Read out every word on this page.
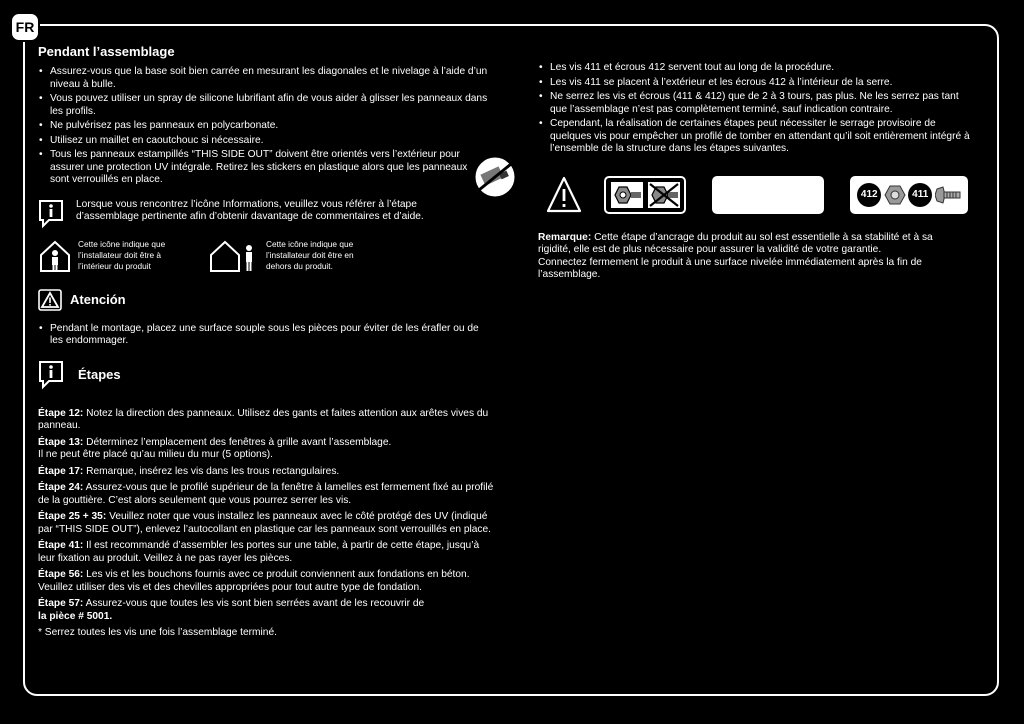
FR
Pendant l’assemblage
• Assurez-vous que la base soit bien carrée en mesurant les diagonales et le nivelage à l’aide d’un niveau à bulle.
• Vous pouvez utiliser un spray de silicone lubrifiant afin de vous aider à glisser les panneaux dans les profils.
• Ne pulvérisez pas les panneaux en polycarbonate.
• Utilisez un maillet en caoutchouc si nécessaire.
• Tous les panneaux estampillés “THIS SIDE OUT” doivent être orientés vers l’extérieur pour assurer une protection UV intégrale. Retirez les stickers en plastique alors que les panneaux sont verrouillés en place.
Lorsque vous rencontrez l’icône Informations, veuillez vous référer à l’étape d’assemblage pertinente afin d’obtenir davantage de commentaires et d’aide.
Cette icône indique que l’installateur doit être à l’intérieur du produit
Cette icône indique que l’installateur doit être en dehors du produit.
Atención
• Pendant le montage, placez une surface souple sous les pièces pour éviter de les érafler ou de les endommager.
Étapes
Étape 12: Notez la direction des panneaux. Utilisez des gants et faites attention aux arêtes vives du panneau.
Étape 13: Déterminez l’emplacement des fenêtres à grille avant l’assemblage.
Il ne peut être placé qu’au milieu du mur (5 options).
Étape 17: Remarque, insérez les vis dans les trous rectangulaires.
Étape 24: Assurez-vous que le profilé supérieur de la fenêtre à lamelles est fermement fixé au profilé de la gouttière. C’est alors seulement que vous pourrez serrer les vis.
Étape 25 + 35: Veuillez noter que vous installez les panneaux avec le côté protégé des UV (indiqué par “THIS SIDE OUT”), enlevez l’autocollant en plastique car les panneaux sont verrouillés en place.
Étape 41: Il est recommandé d’assembler les portes sur une table, à partir de cette étape, jusqu’à leur fixation au produit. Veillez à ne pas rayer les pièces.
Étape 56: Les vis et les bouchons fournis avec ce produit conviennent aux fondations en béton. Veuillez utiliser des vis et des chevilles appropriées pour tout autre type de fondation.
Étape 57: Assurez-vous que toutes les vis sont bien serrées avant de les recouvrir de
la pièce # 5001.
* Serrez toutes les vis une fois l’assemblage terminé.
• Les vis 411 et écrous 412 servent tout au long de la procédure.
• Les vis 411 se placent à l’extérieur et les écrous 412 à l’intérieur de la serre.
• Ne serrez les vis et écrous (411 & 412) que de 2 à 3 tours, pas plus. Ne les serrez pas tant que l’assemblage n’est pas complètement terminé, sauf indication contraire.
• Cependant, la réalisation de certaines étapes peut nécessiter le serrage provisoire de quelques vis pour empêcher un profilé de tomber en attendant qu’il soit entièrement intégré à l’ensemble de la structure dans les étapes suivantes.
412	411
Remarque: Cette étape d’ancrage du produit au sol est essentielle à sa stabilité et à sa rigidité, elle est de plus nécessaire pour assurer la validité de votre garantie.
Connectez fermement le produit à une surface nivelée immédiatement après la fin de l’assemblage.
